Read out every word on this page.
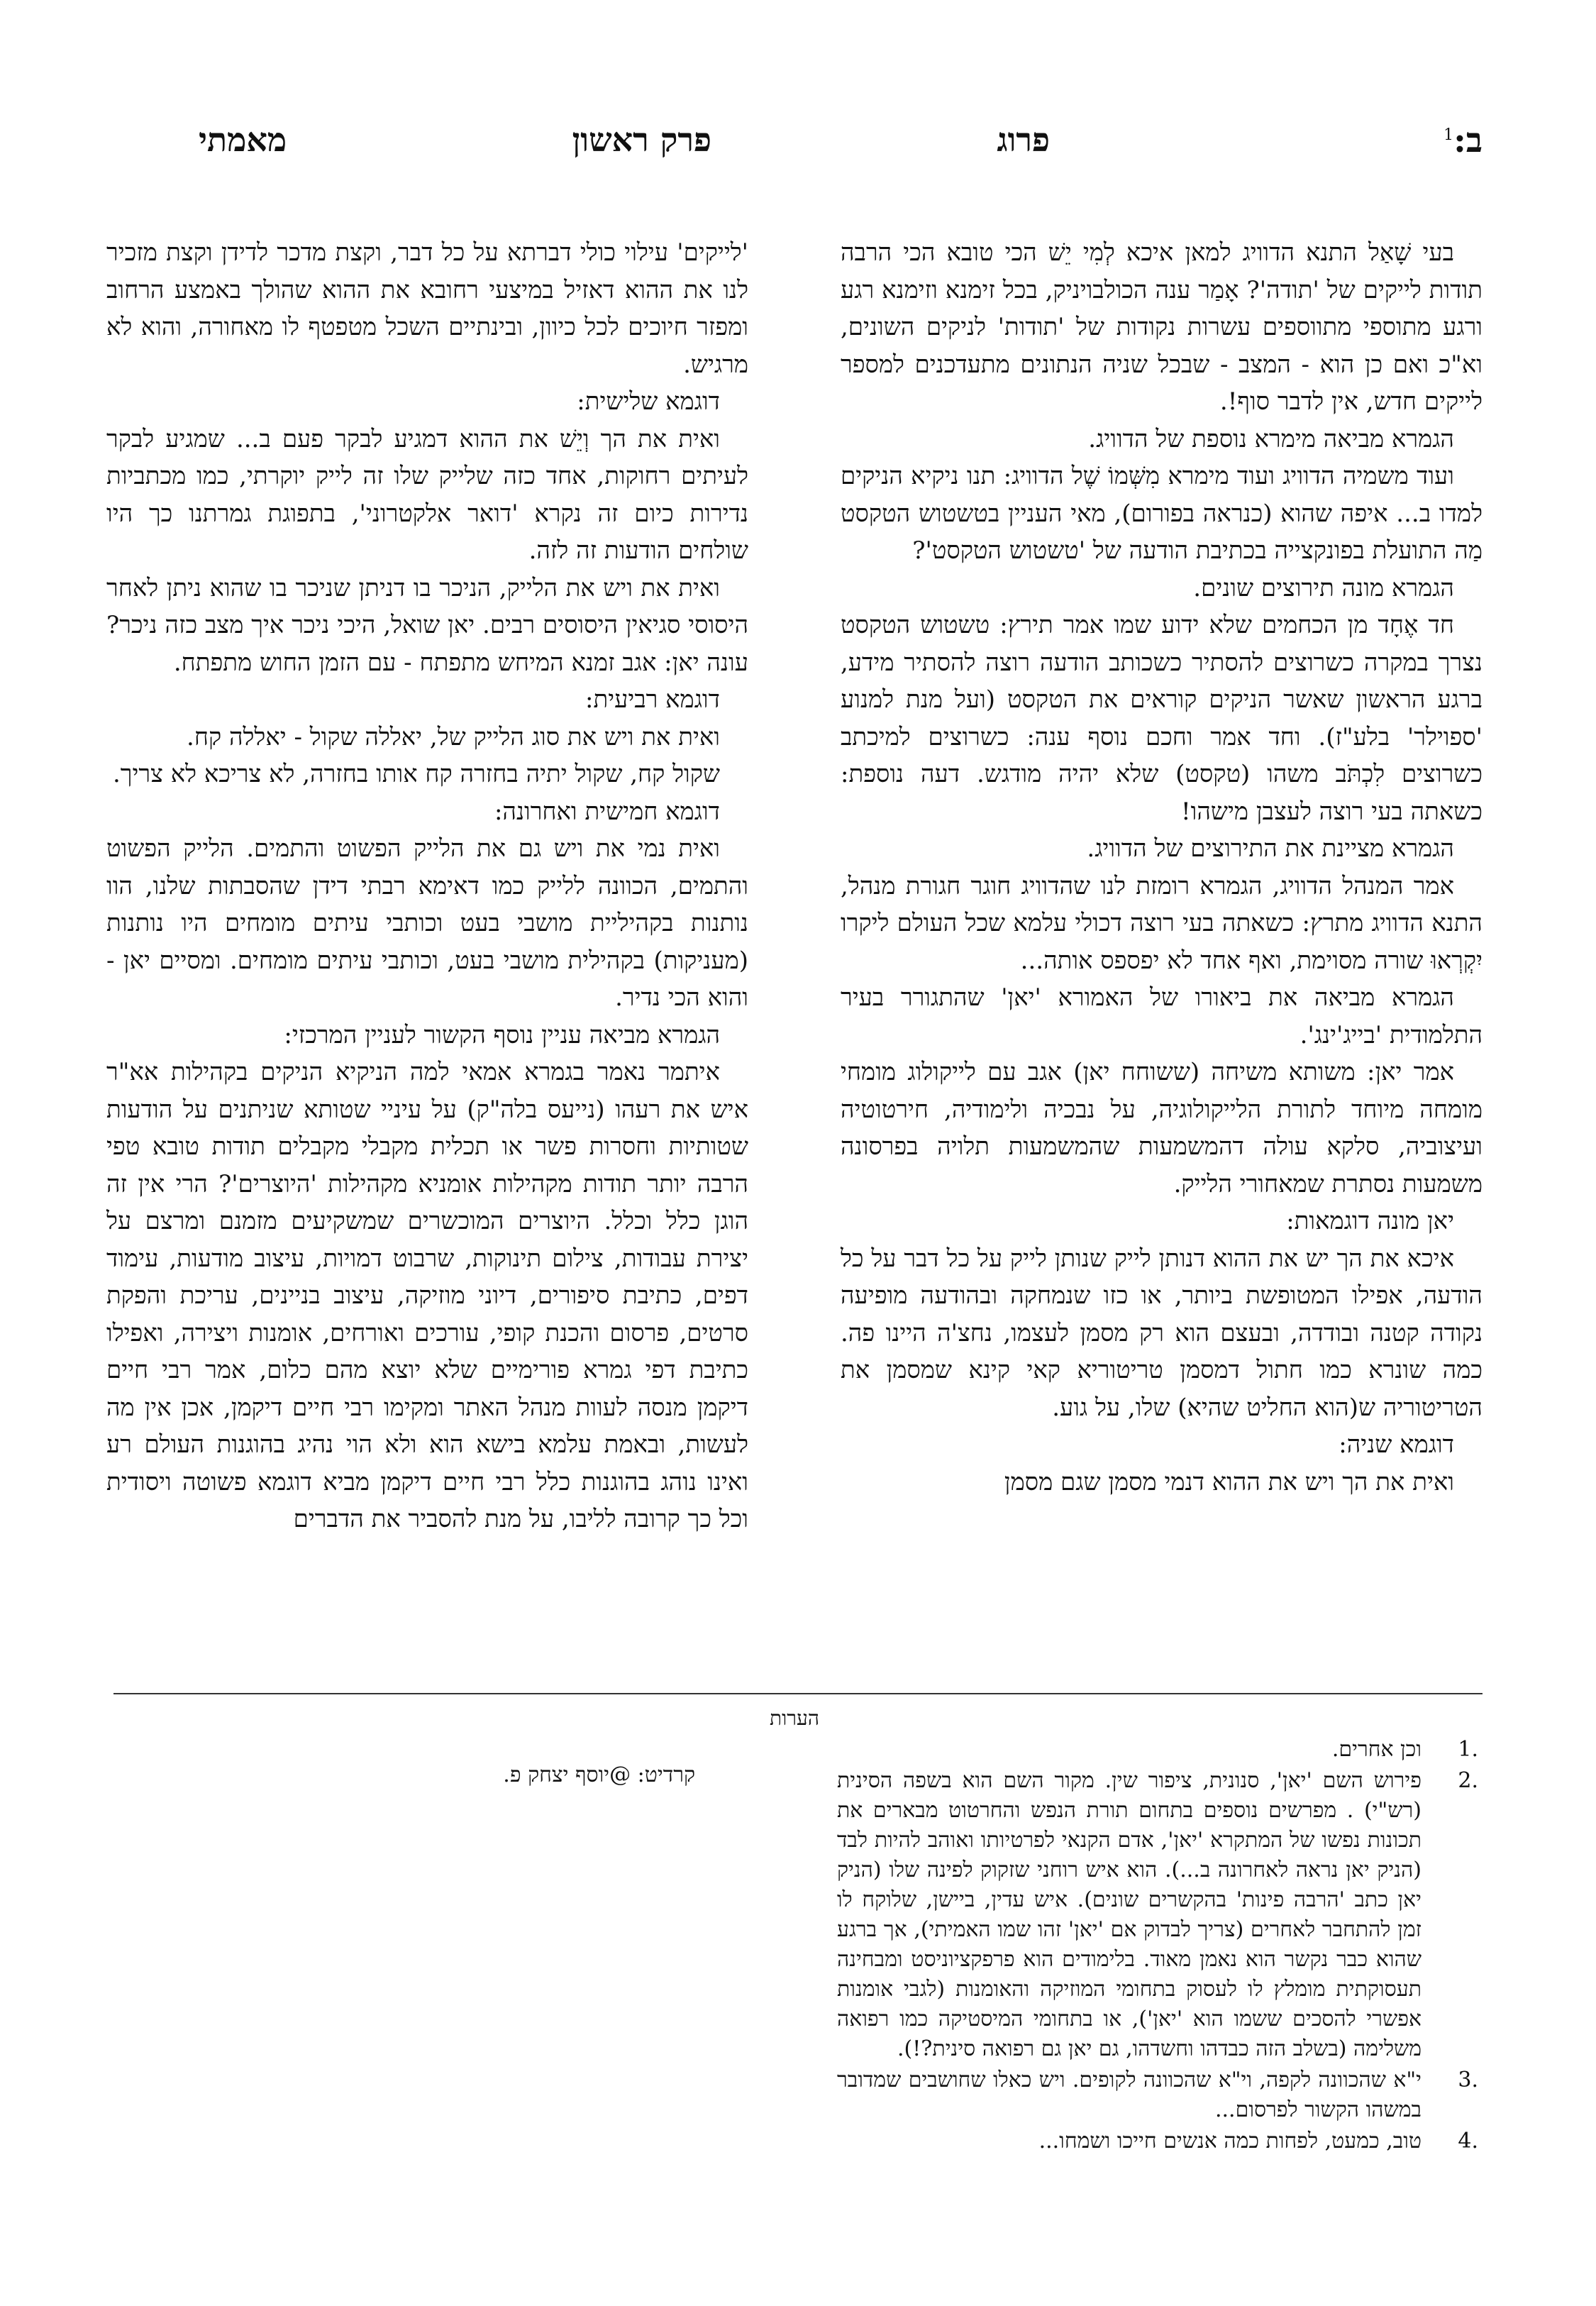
ב:$^1$
מאמתי	פרק ראשון	פרוג

בעי שָׁאַל התנא הדוויג למאן איכא לְמִי יֵשׁ הכי טובא הכי הרבה תודות לייקים של 'תודה'? אָמַר ענה הכולבויניק, בכל זימנא וזימנא רגע ורגע מתוספי מתווספים עשרות נקודות של 'תודות' לניקים השונים, וא"כ ואם כן הוא - המצב - שבכל שניה הנתונים מתעדכנים למספר לייקים חדש, אין לדבר סוף!.

הגמרא מביאה מימרא נוספת של הדוויג.

ועוד משמיה הדוויג ועוד מימרא מִשְּׁמוֹ שֶׁל הדוויג: תנו ניקיא הניקים למדו ב... איפה שהוא (כנראה בפורום), מאי העניין בטשטוש הטקסט מַה התועלת בפונקצייה בכתיבת הודעה של 'טשטוש הטקסט'?

הגמרא מונה תירוצים שונים.

חד אֶחָד מן הכחמים שלא ידוע שמו אמר תירץ: טשטוש הטקסט נצרך במקרה כשרוצים להסתיר כשכותב הודעה רוצה להסתיר מידע, ברגע הראשון שאשר הניקים קוראים את הטקסט (ועל מנת למנוע 'ספוילר' בלע"ז). וחד אמר וחכם נוסף ענה: כשרוצים למיכתב כשרוצים לִכְתֹּב משהו (טקסט) שלא יהיה מודגש. דעה נוספת: כשאתה בעי רוצה לעצבן מישהו!

הגמרא מציינת את התירוצים של הדוויג.

אמר המנהל הדוויג, הגמרא רומזת לנו שהדוויג חוגר חגורת מנהל, התנא הדוויג מתרץ: כשאתה בעי רוצה דכולי עלמא שכל העולם ליקרו יִקְרְאוּ שורה מסוימת, ואף אחד לא יפספס אותה...

הגמרא מביאה את ביאורו של האמורא 'יאן' שהתגורר בעיר התלמודית 'בייג'ינג'.

אמר יאן: משותא משיחה (ששוחח יאן) אגב עם לייקולוג מומחי מומחה מיוחד לתורת הלייקולוגיה, על נבכיה ולימודיה, חירטוטיה ועיצוביה, סלקא עולה דהמשמעות שהמשמעות תלויה בפרסונה משמעות נסתרת שמאחורי הלייק.

יאן מונה דוגמאות:

איכא את הך יש את ההוא דנותן לייק שנותן לייק על כל דבר על כל הודעה, אפילו המטופשת ביותר, או כזו שנמחקה ובהודעה מופיעה נקודה קטנה ובודדה, ובעצם הוא רק מסמן לעצמו, נחצ'ה היינו פה. כמה שונרא כמו חתול דמסמן טריטוריא קאי קינא שמסמן את הטריטוריה ש(הוא החליט שהיא) שלו, על גוע.

דוגמא שניה:

ואית את הך ויש את ההוא דנמי מסמן שגם מסמן

'לייקים' עילוי כולי דברתא על כל דבר, וקצת מדכר לדידן וקצת מזכיר לנו את ההוא דאזיל במיצעי רחובא את ההוא שהולך באמצע הרחוב ומפזר חיוכים לכל כיוון, ובינתיים השכל מטפטף לו מאחורה, והוא לא מרגיש.

דוגמא שלישית:

ואית את הך וְיֵשׁ את ההוא דמגיע לבקר פעם ב... שמגיע לבקר לעיתים רחוקות, אחד כזה שלייק שלו זה לייק יוקרתי, כמו מכתביות נדירות כיום זה נקרא 'דואר אלקטרוני', בתפוגת גמרתנו כך היו שולחים הודעות זה לזה.

ואית את ויש את הלייק, הניכר בו דניתן שניכר בו שהוא ניתן לאחר היסוסי סגיאין היסוסים רבים. יאן שואל, היכי ניכר איך מצב כזה ניכר? עונה יאן: אגב זמנא המיחש מתפתח - עם הזמן החוש מתפתח.

דוגמא רביעית:

ואית את ויש את סוג הלייק של, יאללה שקול - יאללה קח.

שקול קח, שקול יתיה בחזרה קח אותו בחזרה, לא צריכא לא צריך.

דוגמא חמישית ואחרונה:

ואית נמי את ויש גם את הלייק הפשוט והתמים. הלייק הפשוט והתמים, הכוונה ללייק כמו דאימא רבתי דידן שהסבתות שלנו, הוו נותנות בקהיליית מושבי בעט וכותבי עיתים מומחים היו נותנות (מעניקות) בקהילית מושבי בעט, וכותבי עיתים מומחים. ומסיים יאן - והוא הכי נדיר.

הגמרא מביאה עניין נוסף הקשור לעניין המרכזי:

איתמר נאמר בגמרא אמאי למה הניקיא הניקים בקהילות אא"ר איש את רעהו (נייעס בלה"ק) על עיניי שטותא שניתנים על הודעות שטותיות וחסרות פשר או תכלית מקבלי מקבלים תודות טובא טפי הרבה יותר תודות מקהילות אומניא מקהילות 'היוצרים'? הרי אין זה הוגן כלל וכלל. היוצרים המוכשרים שמשקיעים מזמנם ומרצם על יצירת עבודות, צילום תינוקות, שרבוט דמויות, עיצוב מודעות, עימוד דפים, כתיבת סיפורים, דיוני מוזיקה, עיצוב בניינים, עריכת והפקת סרטים, פרסום והכנת קופי, עורכים ואורחים, אומנות ויצירה, ואפילו כתיבת דפי גמרא פורימיים שלא יוצא מהם כלום, אמר רבי חיים דיקמן מנסה לעוות מנהל האתר ומקימו רבי חיים דיקמן, אכן אין מה לעשות, ובאמת עלמא בישא הוא ולא הוי נהיג בהוגנות העולם רע ואינו נוהג בהוגנות כלל רבי חיים דיקמן מביא דוגמא פשוטה ויסודית וכל כך קרובה לליבו, על מנת להסביר את הדברים

הערות
.1
וכן אחרים.
.2
פירוש השם 'יאן', סנונית, ציפור שין. מקור השם הוא בשפה הסינית (רש"י) . מפרשים נוספים בתחום תורת הנפש והחרטוט מבארים את תכונות נפשו של המתקרא 'יאן', אדם הקנאי לפרטיותו ואוהב להיות לבד (הניק יאן נראה לאחרונה ב...). הוא איש רוחני שזקוק לפינה שלו (הניק יאן כתב 'הרבה פינות' בהקשרים שונים). איש עדין, ביישן, שלוקח לו זמן להתחבר לאחרים (צריך לבדוק אם 'יאן' זהו שמו האמיתי), אך ברגע שהוא כבר נקשר הוא נאמן מאוד. בלימודים הוא פרפקציוניסט ומבחינה תעסוקתית מומלץ לו לעסוק בתחומי המוזיקה והאומנות (לגבי אומנות אפשרי להסכים ששמו הוא 'יאן'), או בתחומי המיסטיקה כמו רפואה משלימה (בשלב הזה כבדהו וחשדהו, גם יאן גם רפואה סינית?!).
.3
י"א שהכוונה לקפה, וי"א שהכוונה לקופים. ויש כאלו שחושבים שמדובר במשהו הקשור לפרסום...
.4
טוב, כמעט, לפחות כמה אנשים חייכו ושמחו...
קרדיט: @יוסף יצחק פ.
